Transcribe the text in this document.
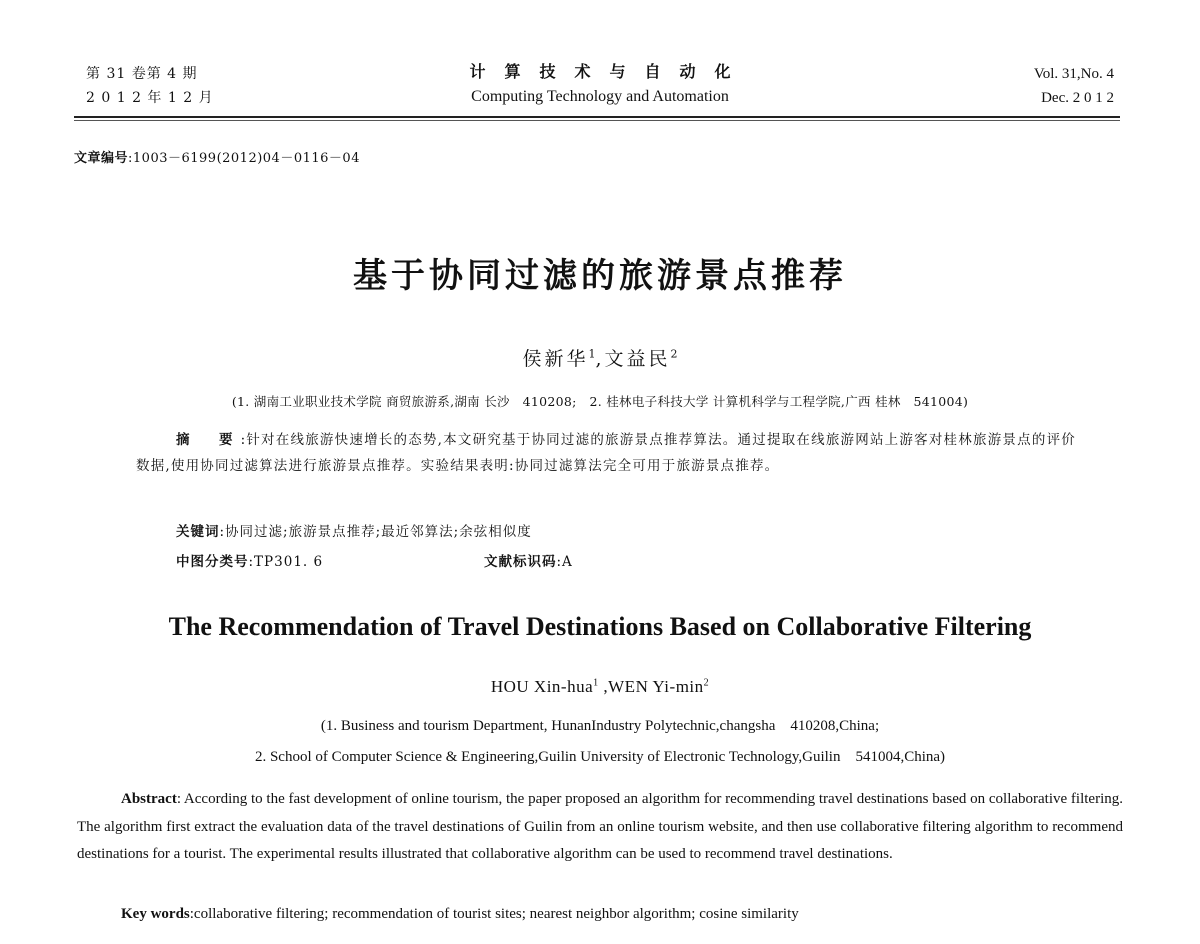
第 31 卷第 4 期
2 0 1 2 年 1 2 月
计算技术与自动化
Computing Technology and Automation
Vol. 31,No. 4
Dec. 2 0 1 2
文章编号:1003－6199(2012)04－0116－04
基于协同过滤的旅游景点推荐
侯新华$^1$,文益民$^2$
(1. 湖南工业职业技术学院 商贸旅游系,湖南 长沙　410208;　2. 桂林电子科技大学 计算机科学与工程学院,广西 桂林　541004)
摘　要:针对在线旅游快速增长的态势,本文研究基于协同过滤的旅游景点推荐算法。通过提取在线旅游网站上游客对桂林旅游景点的评价数据,使用协同过滤算法进行旅游景点推荐。实验结果表明:协同过滤算法完全可用于旅游景点推荐。
关键词:协同过滤;旅游景点推荐;最近邻算法;余弦相似度
中图分类号:TP301. 6	文献标识码:A
The Recommendation of Travel Destinations Based on Collaborative Filtering
HOU Xin-hua$^1$ ,WEN $Yi-\min^2$
(1. Business and tourism Department, HunanIndustry Polytechnic,changsha　410208,China;
2. School of Computer Science & Engineering,Guilin University of Electronic Technology,Guilin　541004,China)
Abstract: According to the fast development of online tourism, the paper proposed an algorithm for recommending travel destinations based on collaborative filtering. The algorithm first extract the evaluation data of the travel destinations of Guilin from an online tourism website, and then use collaborative filtering algorithm to recommend destinations for a tourist. The experimental results illustrated that collaborative algorithm can be used to recommend travel destinations.
Key words:collaborative filtering; recommendation of tourist sites; nearest neighbor algorithm; cosine similarity
